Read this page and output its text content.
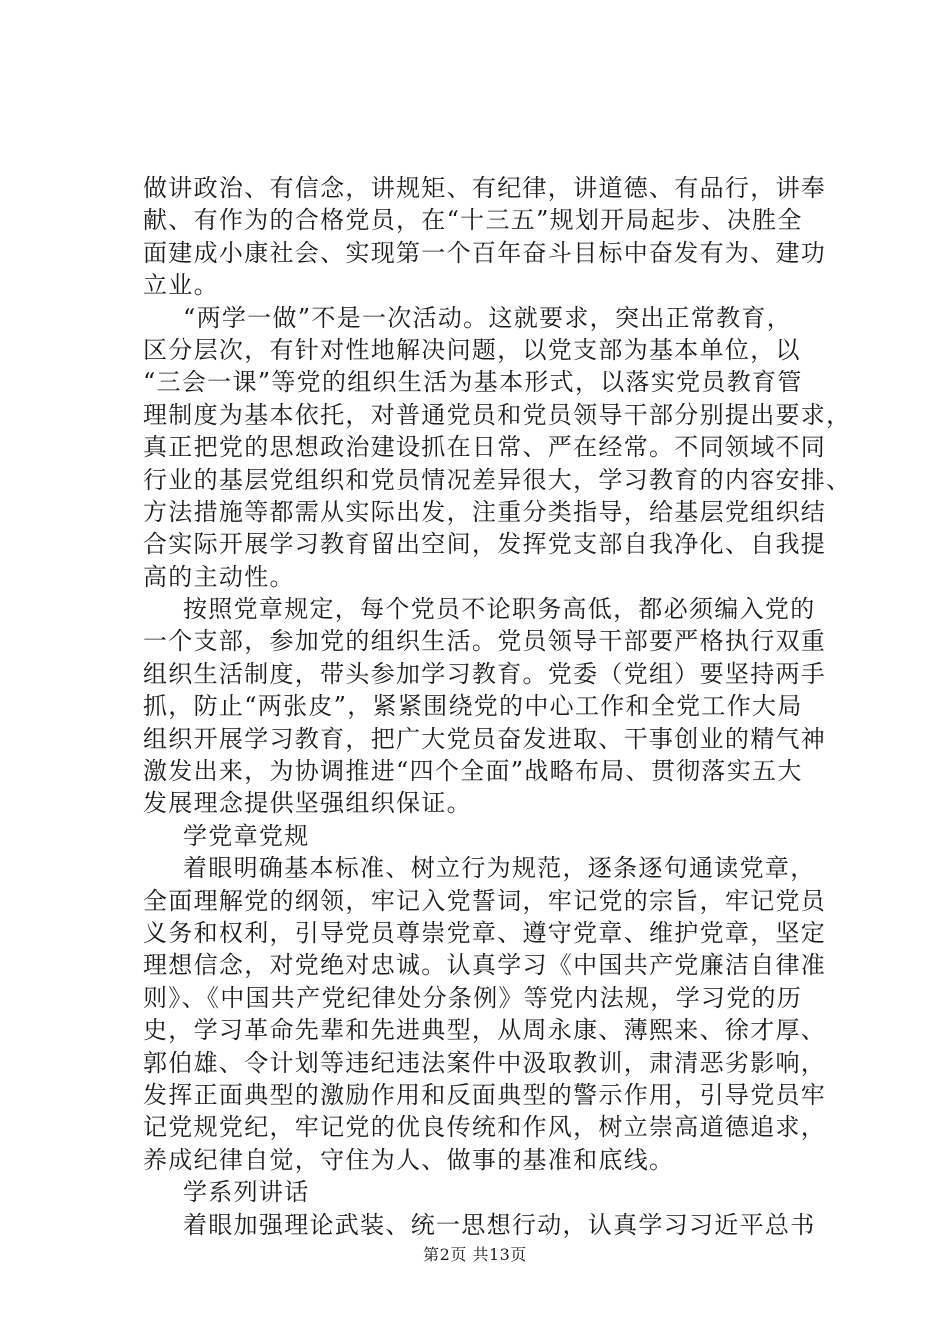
做讲政治、有信念，讲规矩、有纪律，讲道德、有品行，讲奉
献、有作为的合格党员，在“十三五”规划开局起步、决胜全
面建成小康社会、实现第一个百年奋斗目标中奋发有为、建功
立业。
“两学一做”不是一次活动。这就要求，突出正常教育，
区分层次，有针对性地解决问题，以党支部为基本单位，以
“三会一课”等党的组织生活为基本形式，以落实党员教育管
理制度为基本依托，对普通党员和党员领导干部分别提出要求，
真正把党的思想政治建设抓在日常、严在经常。不同领域不同
行业的基层党组织和党员情况差异很大，学习教育的内容安排、
方法措施等都需从实际出发，注重分类指导，给基层党组织结
合实际开展学习教育留出空间，发挥党支部自我净化、自我提
高的主动性。
按照党章规定，每个党员不论职务高低，都必须编入党的
一个支部，参加党的组织生活。党员领导干部要严格执行双重
组织生活制度，带头参加学习教育。党委（党组）要坚持两手
抓，防止“两张皮”，紧紧围绕党的中心工作和全党工作大局
组织开展学习教育，把广大党员奋发进取、干事创业的精气神
激发出来，为协调推进“四个全面”战略布局、贯彻落实五大
发展理念提供坚强组织保证。
学党章党规
着眼明确基本标准、树立行为规范，逐条逐句通读党章，
全面理解党的纲领，牢记入党誓词，牢记党的宗旨，牢记党员
义务和权利，引导党员尊崇党章、遵守党章、维护党章，坚定
理想信念，对党绝对忠诚。认真学习《中国共产党廉洁自律准
则》、《中国共产党纪律处分条例》等党内法规，学习党的历
史，学习革命先辈和先进典型，从周永康、薄熙来、徐才厚、
郭伯雄、令计划等违纪违法案件中汲取教训，肃清恶劣影响，
发挥正面典型的激励作用和反面典型的警示作用，引导党员牢
记党规党纪，牢记党的优良传统和作风，树立崇高道德追求，
养成纪律自觉，守住为人、做事的基准和底线。
学系列讲话
着眼加强理论武装、统一思想行动，认真学习习近平总书
第2页 共13页
